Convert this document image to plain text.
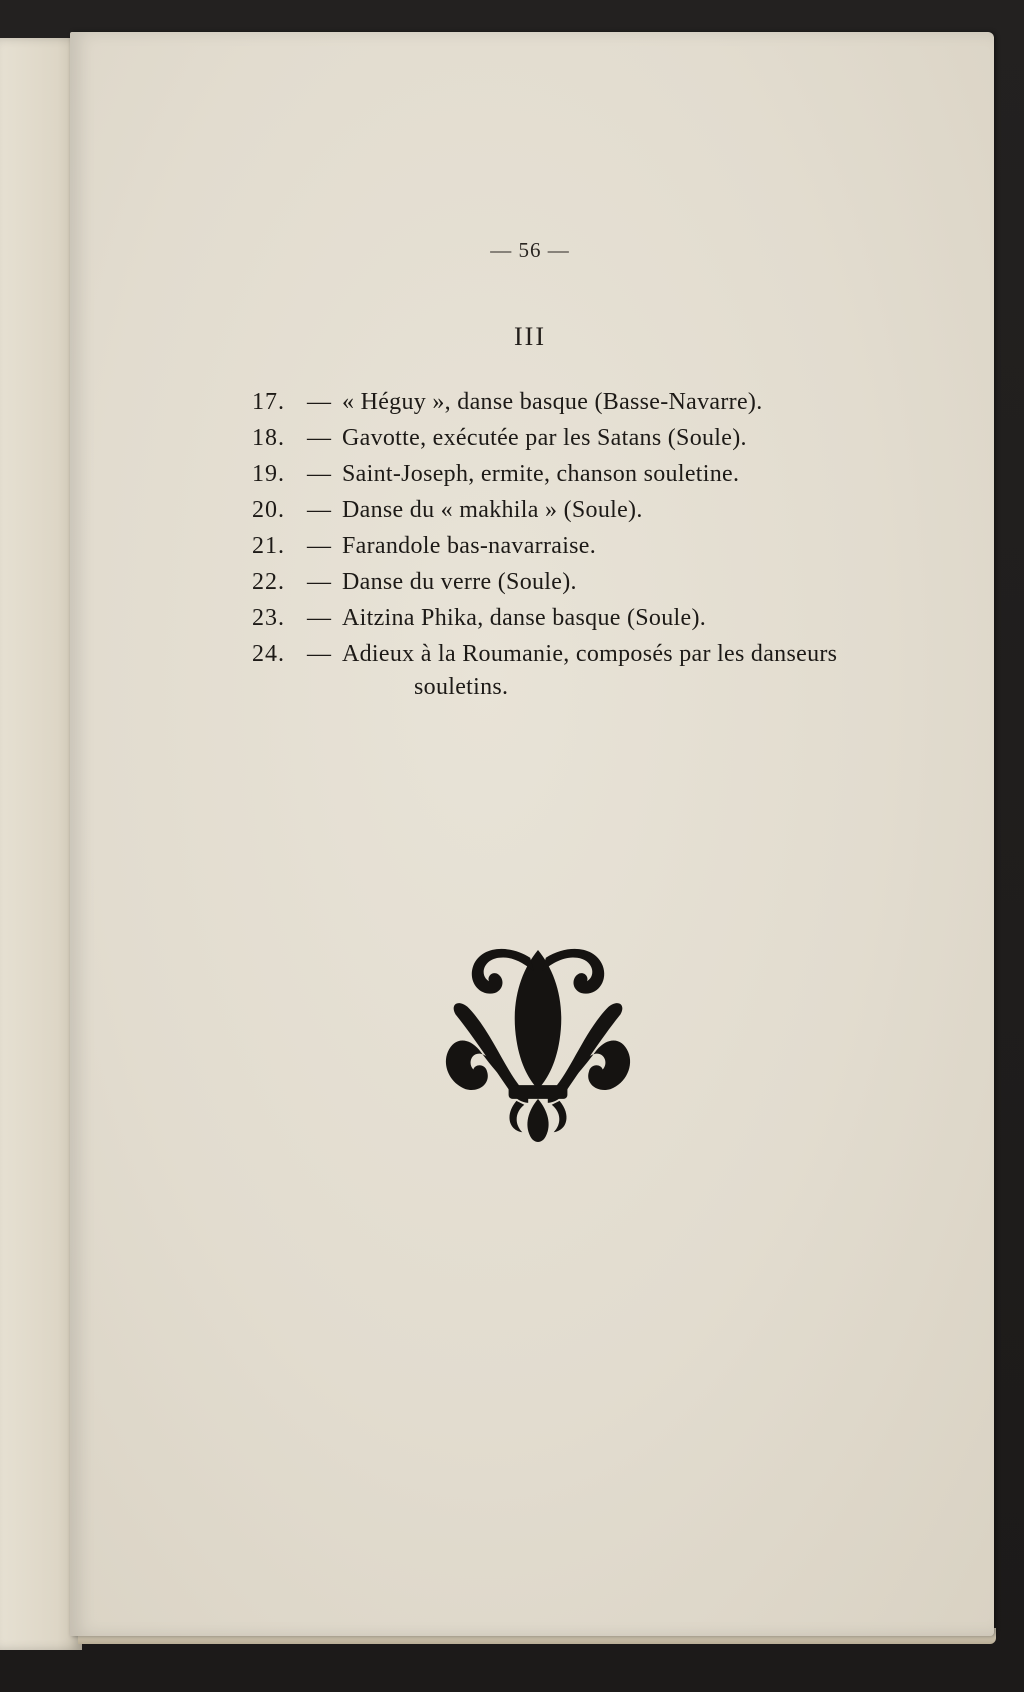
— 56 —
III
17. — « Héguy », danse basque (Basse-Navarre).
18. — Gavotte, exécutée par les Satans (Soule).
19. — Saint-Joseph, ermite, chanson souletine.
20. — Danse du « makhila » (Soule).
21. — Farandole bas-navarraise.
22. — Danse du verre (Soule).
23. — Aitzina Phika, danse basque (Soule).
24. — Adieux à la Roumanie, composés par les danseurs
souletins.
